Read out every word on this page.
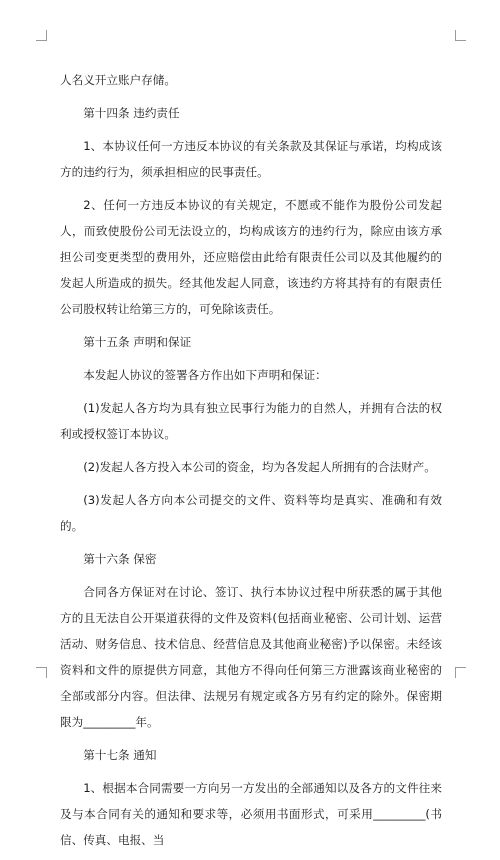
人名义开立账户存储。

第十四条 违约责任

1、本协议任何一方违反本协议的有关条款及其保证与承诺，均构成该方的违约行为，须承担相应的民事责任。

2、任何一方违反本协议的有关规定，不愿或不能作为股份公司发起人，而致使股份公司无法设立的，均构成该方的违约行为，除应由该方承担公司变更类型的费用外，还应赔偿由此给有限责任公司以及其他履约的发起人所造成的损失。经其他发起人同意，该违约方将其持有的有限责任公司股权转让给第三方的，可免除该责任。

第十五条 声明和保证

本发起人协议的签署各方作出如下声明和保证：

(1)发起人各方均为具有独立民事行为能力的自然人，并拥有合法的权利或授权签订本协议。

(2)发起人各方投入本公司的资金，均为各发起人所拥有的合法财产。

(3)发起人各方向本公司提交的文件、资料等均是真实、准确和有效的。

第十六条 保密

合同各方保证对在讨论、签订、执行本协议过程中所获悉的属于其他方的且无法自公开渠道获得的文件及资料(包括商业秘密、公司计划、运营活动、财务信息、技术信息、经营信息及其他商业秘密)予以保密。未经该资料和文件的原提供方同意，其他方不得向任何第三方泄露该商业秘密的全部或部分内容。但法律、法规另有规定或各方另有约定的除外。保密期限为_________年。

第十七条 通知

1、根据本合同需要一方向另一方发出的全部通知以及各方的文件往来及与本合同有关的通知和要求等，必须用书面形式，可采用_________(书信、传真、电报、当
